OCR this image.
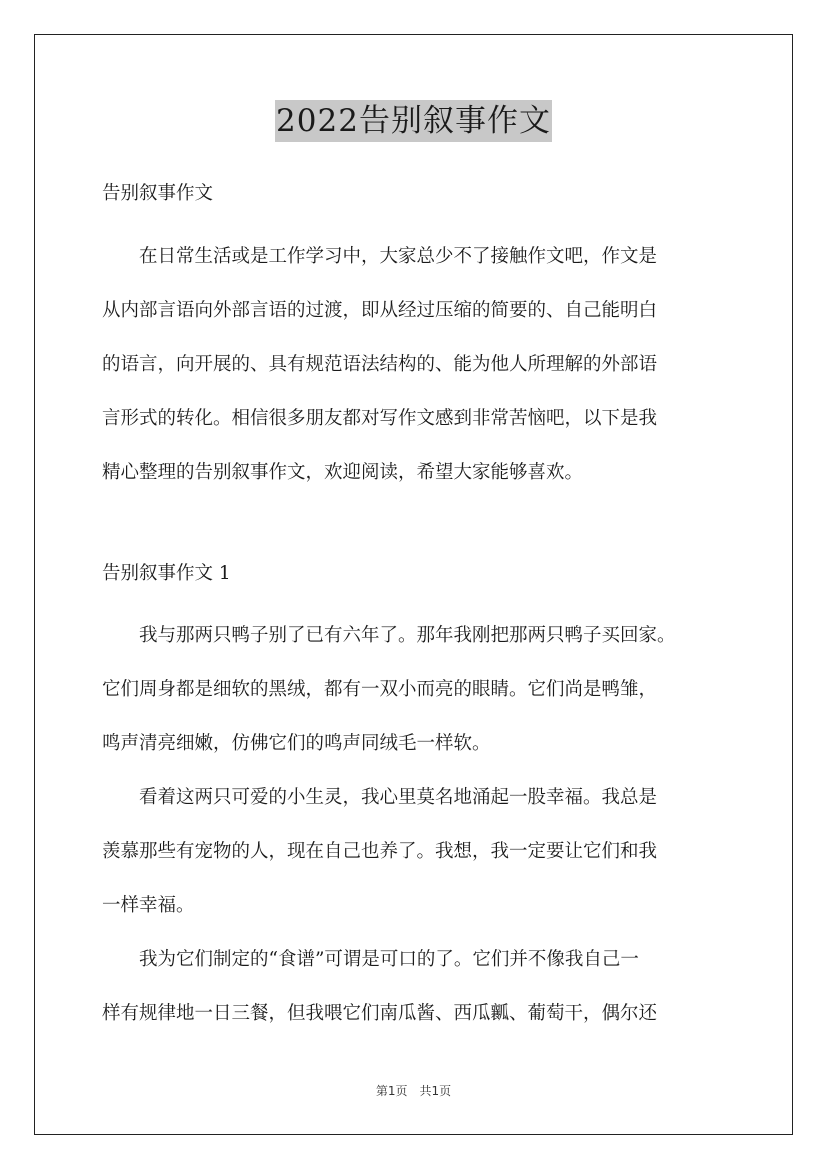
2022告别叙事作文

告别叙事作文

　　在日常生活或是工作学习中，大家总少不了接触作文吧，作文是

从内部言语向外部言语的过渡，即从经过压缩的简要的、自己能明白

的语言，向开展的、具有规范语法结构的、能为他人所理解的外部语

言形式的转化。相信很多朋友都对写作文感到非常苦恼吧，以下是我

精心整理的告别叙事作文，欢迎阅读，希望大家能够喜欢。

告别叙事作文 1

　　我与那两只鸭子别了已有六年了。那年我刚把那两只鸭子买回家。

它们周身都是细软的黑绒，都有一双小而亮的眼睛。它们尚是鸭雏，

鸣声清亮细嫩，仿佛它们的鸣声同绒毛一样软。

　　看着这两只可爱的小生灵，我心里莫名地涌起一股幸福。我总是

羡慕那些有宠物的人，现在自己也养了。我想，我一定要让它们和我

一样幸福。

　　我为它们制定的“食谱”可谓是可口的了。它们并不像我自己一

样有规律地一日三餐，但我喂它们南瓜酱、西瓜瓤、葡萄干，偶尔还

第1页　共1页
